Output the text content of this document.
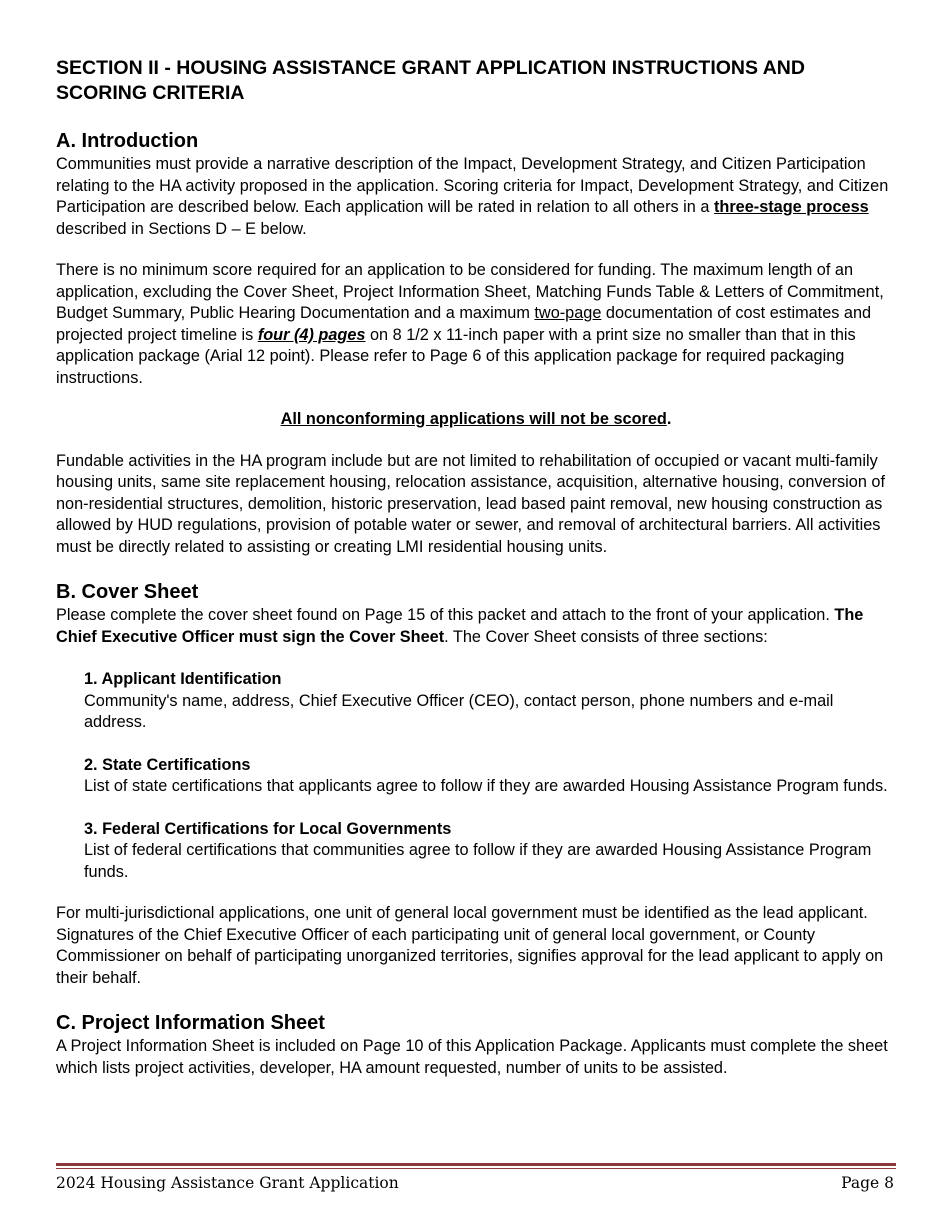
SECTION II - HOUSING ASSISTANCE GRANT APPLICATION INSTRUCTIONS AND SCORING CRITERIA
A. Introduction

Communities must provide a narrative description of the Impact, Development Strategy, and Citizen Participation relating to the HA activity proposed in the application. Scoring criteria for Impact, Development Strategy, and Citizen Participation are described below. Each application will be rated in relation to all others in a three-stage process described in Sections D – E below.

There is no minimum score required for an application to be considered for funding. The maximum length of an application, excluding the Cover Sheet, Project Information Sheet, Matching Funds Table & Letters of Commitment, Budget Summary, Public Hearing Documentation and a maximum two-page documentation of cost estimates and projected project timeline is four (4) pages on 8 1/2 x 11-inch paper with a print size no smaller than that in this application package (Arial 12 point). Please refer to Page 6 of this application package for required packaging instructions.

All nonconforming applications will not be scored.

Fundable activities in the HA program include but are not limited to rehabilitation of occupied or vacant multi-family housing units, same site replacement housing, relocation assistance, acquisition, alternative housing, conversion of non-residential structures, demolition, historic preservation, lead based paint removal, new housing construction as allowed by HUD regulations, provision of potable water or sewer, and removal of architectural barriers. All activities must be directly related to assisting or creating LMI residential housing units.

B. Cover Sheet

Please complete the cover sheet found on Page 15 of this packet and attach to the front of your application. The Chief Executive Officer must sign the Cover Sheet. The Cover Sheet consists of three sections:

1. Applicant Identification

Community's name, address, Chief Executive Officer (CEO), contact person, phone numbers and e-mail address.

2. State Certifications

List of state certifications that applicants agree to follow if they are awarded Housing Assistance Program funds.

3. Federal Certifications for Local Governments

List of federal certifications that communities agree to follow if they are awarded Housing Assistance Program funds.

For multi-jurisdictional applications, one unit of general local government must be identified as the lead applicant. Signatures of the Chief Executive Officer of each participating unit of general local government, or County Commissioner on behalf of participating unorganized territories, signifies approval for the lead applicant to apply on their behalf.

C. Project Information Sheet

A Project Information Sheet is included on Page 10 of this Application Package. Applicants must complete the sheet which lists project activities, developer, HA amount requested, number of units to be assisted.

2024 Housing Assistance Grant Application	Page 8
